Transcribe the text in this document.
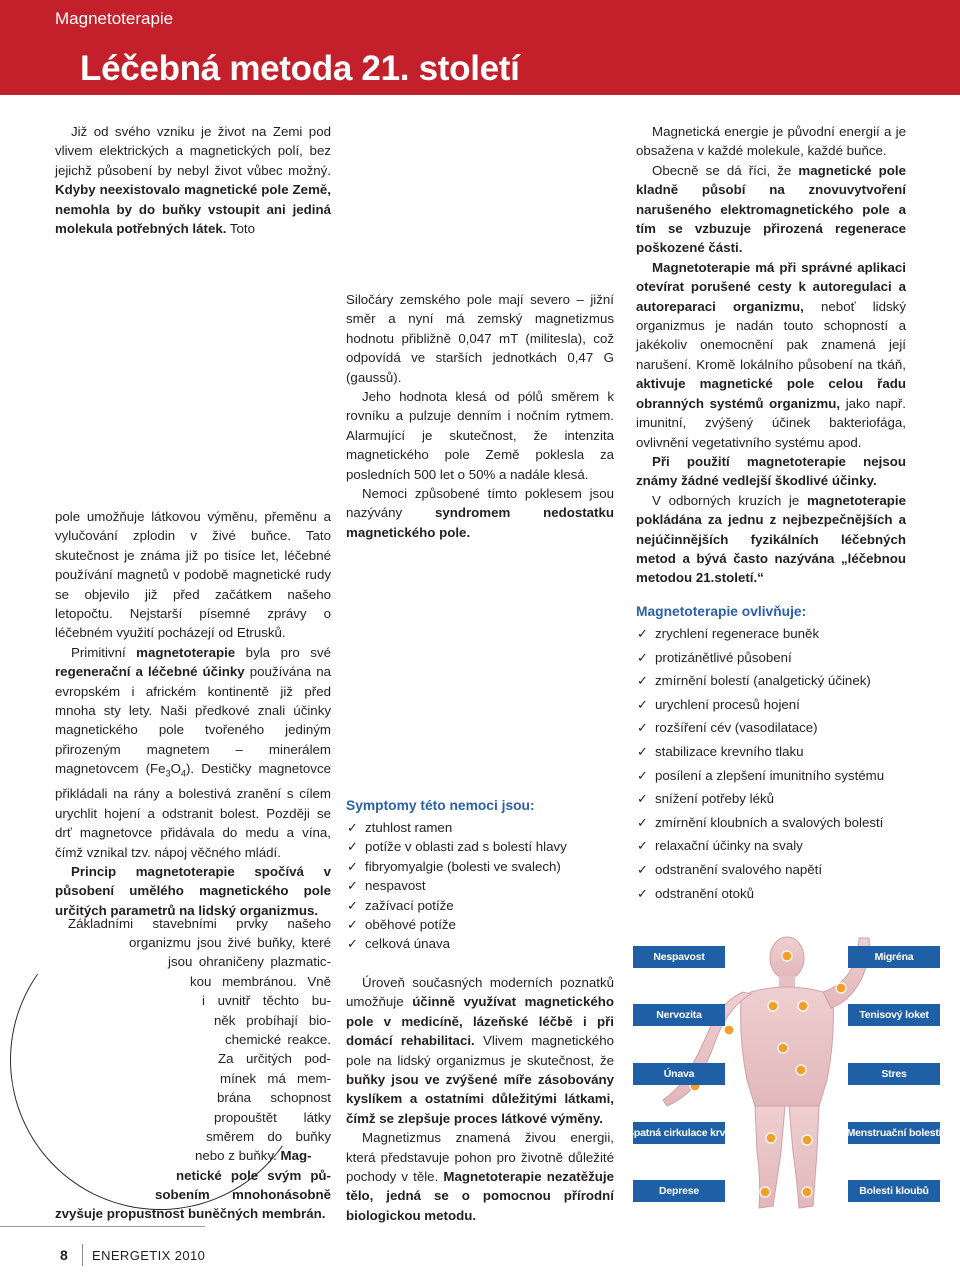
Magnetoterapie
Léčebná metoda 21. století

Již od svého vzniku je život na Zemi pod vlivem elektrických a magnetických polí, bez jejichž působení by nebyl život vůbec možný. Kdyby neexistovalo magnetické pole Země, nemohla by do buňky vstoupit ani jediná molekula potřebných látek. Toto

pole umožňuje látkovou výměnu, přeměnu a vylučování zplodin v živé buňce. Tato skutečnost je známa již po tisíce let, léčebné používání magnetů v podobě magnetické rudy se objevilo již před začátkem našeho letopočtu. Nejstarší písemné zprávy o léčebném využití pocházejí od Etrusků.

Primitivní magnetoterapie byla pro své regenerační a léčebné účinky používána na evropském i africkém kontinentě již před mnoha sty lety. Naši předkové znali účinky magnetického pole tvořeného jediným přirozeným magnetem – minerálem magnetovcem $(Fe_3O_4)$. Destičky magnetovce přikládali na rány a bolestivá zranění s cílem urychlit hojení a odstranit bolest. Později se drť magnetovce přidávala do medu a vína, čímž vznikal tzv. nápoj věčného mládí.

Princip magnetoterapie spočívá v působení umělého magnetického pole určitých parametrů na lidský organizmus.

Základními stavebními prvky našeho
organizmu jsou živé buňky, které
jsou ohraničeny plazmatic-
kou membránou. Vně
i uvnitř těchto bu-
něk probíhají bio-
chemické reakce.
Za určitých pod-
mínek má mem-
brána schopnost
propouštět látky
směrem do buňky
nebo z buňky. Mag-
netické pole svým pů-
sobením mnohonásobně
zvyšuje propustnost buněčných membrán.

Siločáry zemského pole mají severo – jižní směr a nyní má zemský magnetizmus hodnotu přibližně 0,047 mT (militesla), což odpovídá ve starších jednotkách 0,47 G (gaussů).

Jeho hodnota klesá od pólů směrem k rovníku a pulzuje denním i nočním rytmem. Alarmující je skutečnost, že intenzita magnetického pole Země poklesla za posledních 500 let o 50% a nadále klesá.

Nemoci způsobené tímto poklesem jsou nazývány syndromem nedostatku magnetického pole.

Symptomy této nemoci jsou:
✓ ztuhlost ramen
✓ potíže v oblasti zad s bolestí hlavy
✓ fibryomyalgie (bolesti ve svalech)
✓ nespavost
✓ zažívací potíže
✓ oběhové potíže
✓ celková únava

Úroveň současných moderních poznatků umožňuje účinně využívat magnetického pole v medicíně, lázeňské léčbě i při domácí rehabilitaci. Vlivem magnetického pole na lidský organizmus je skutečnost, že buňky jsou ve zvýšené míře zásobovány kyslíkem a ostatními důležitými látkami, čímž se zlepšuje proces látkové výměny.

Magnetizmus znamená živou energii, která představuje pohon pro životně důležité pochody v těle. Magnetoterapie nezatěžuje tělo, jedná se o pomocnou přírodní biologickou metodu.

Magnetická energie je původní energií a je obsažena v každé molekule, každé buňce.

Obecně se dá říci, že magnetické pole kladně působí na znovuvytvoření narušeného elektromagnetického pole a tím se vzbuzuje přirozená regenerace poškozené části.

Magnetoterapie má při správné aplikaci otevírat porušené cesty k autoregulaci a autoreparaci organizmu, neboť lidský organizmus je nadán touto schopností a jakékoliv onemocnění pak znamená její narušení. Kromě lokálního působení na tkáň, aktivuje magnetické pole celou řadu obranných systémů organizmu, jako např. imunitní, zvýšený účinek bakteriofága, ovlivnění vegetativního systému apod.

Při použití magnetoterapie nejsou známy žádné vedlejší škodlivé účinky.

V odborných kruzích je magnetoterapie pokládána za jednu z nejbezpečnějších a nejúčinnějších fyzikálních léčebných metod a bývá často nazývána „léčebnou metodou 21.století.“

Magnetoterapie ovlivňuje:
✓ zrychlení regenerace buněk
✓ protizánětlivé působení
✓ zmírnění bolestí (analgetický účinek)
✓ urychlení procesů hojení
✓ rozšíření cév (vasodilatace)
✓ stabilizace krevního tlaku
✓ posílení a zlepšení imunitního systému
✓ snížení potřeby léků
✓ zmírnění kloubních a svalových bolestí
✓ relaxační účinky na svaly
✓ odstranění svalového napětí
✓ odstranění otoků
Nespavost
Nervozita
Únava
Špatná cirkulace krve
Deprese
Migréna
Tenisový loket
Stres
Menstruační bolesti
Bolesti kloubů
8 ENERGETIX 2010
